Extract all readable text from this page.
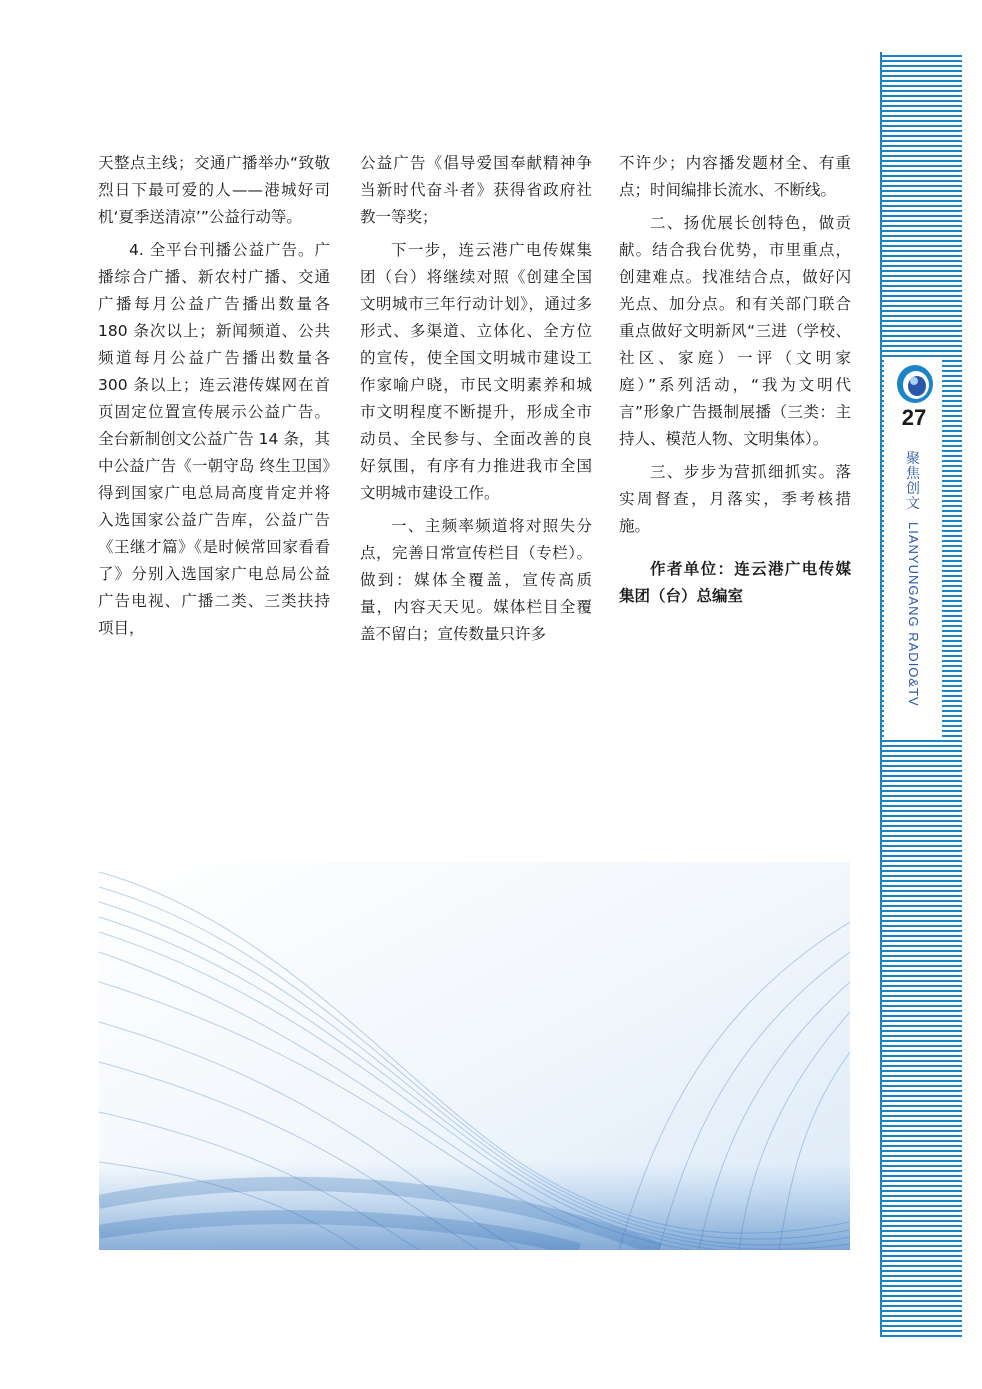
天整点主线；交通广播举办“致敬烈日下最可爱的人——港城好司机‘夏季送清凉’”公益行动等。

4. 全平台刊播公益广告。广播综合广播、新农村广播、交通广播每月公益广告播出数量各 180 条次以上；新闻频道、公共频道每月公益广告播出数量各 300 条以上；连云港传媒网在首页固定位置宣传展示公益广告。全台新制创文公益广告 14 条，其中公益广告《一朝守岛 终生卫国》得到国家广电总局高度肯定并将入选国家公益广告库，公益广告《王继才篇》《是时候常回家看看了》分别入选国家广电总局公益广告电视、广播二类、三类扶持项目，

公益广告《倡导爱国奉献精神争当新时代奋斗者》获得省政府社教一等奖；

下一步，连云港广电传媒集团（台）将继续对照《创建全国文明城市三年行动计划》，通过多形式、多渠道、立体化、全方位的宣传，使全国文明城市建设工作家喻户晓，市民文明素养和城市文明程度不断提升，形成全市动员、全民参与、全面改善的良好氛围，有序有力推进我市全国文明城市建设工作。

一、主频率频道将对照失分点，完善日常宣传栏目（专栏）。做到：媒体全覆盖，宣传高质量，内容天天见。媒体栏目全覆盖不留白；宣传数量只许多

不许少；内容播发题材全、有重点；时间编排长流水、不断线。

二、扬优展长创特色，做贡献。结合我台优势，市里重点，创建难点。找准结合点，做好闪光点、加分点。和有关部门联合重点做好文明新风“三进（学校、社区、家庭）一评（文明家庭）”系列活动，“我为文明代言”形象广告摄制展播（三类：主持人、模范人物、文明集体）。

三、步步为营抓细抓实。落实周督查，月落实，季考核措施。

作者单位：连云港广电传媒集团（台）总编室

27
聚焦创文
LIANYUNGANG RADIO&TV
